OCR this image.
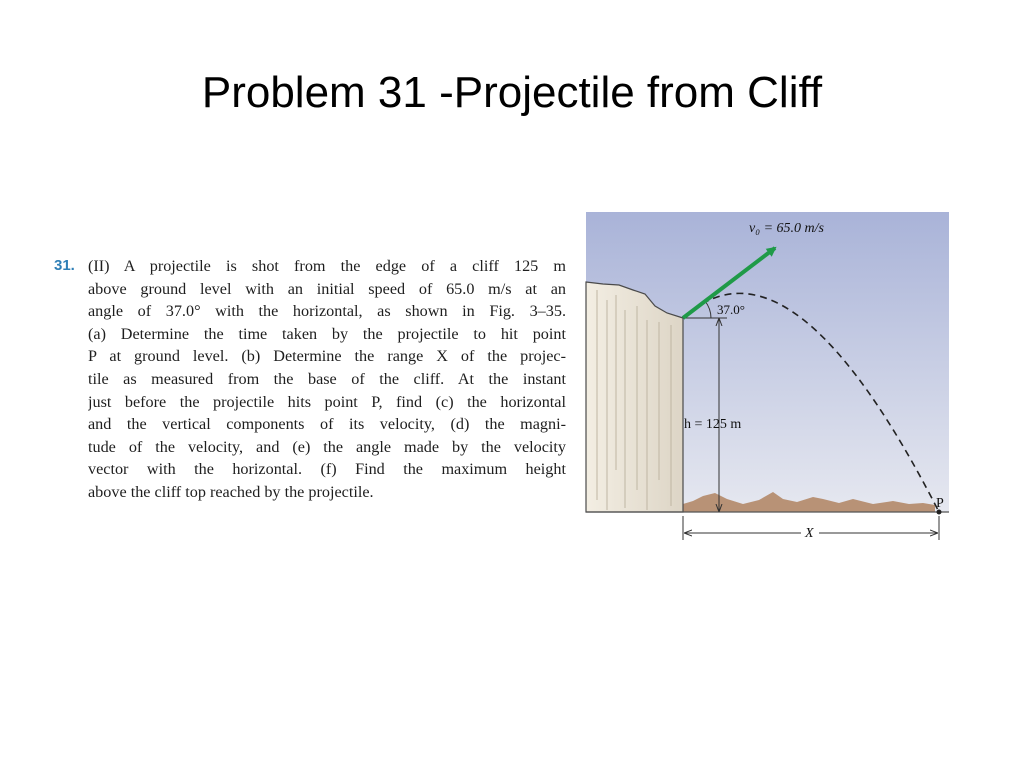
Problem 31 -Projectile from Cliff
31. (II) A projectile is shot from the edge of a cliff 125 m
above ground level with an initial speed of 65.0 m/s at an
angle of 37.0° with the horizontal, as shown in Fig. 3–35.
(a) Determine the time taken by the projectile to hit point
P at ground level. (b) Determine the range X of the projec-
tile as measured from the base of the cliff. At the instant
just before the projectile hits point P, find (c) the horizontal
and the vertical components of its velocity, (d) the magni-
tude of the velocity, and (e) the angle made by the velocity
vector with the horizontal. (f) Find the maximum height
above the cliff top reached by the projectile.
v₀ = 65.0 m/s
37.0°
h = 125 m
X
P
